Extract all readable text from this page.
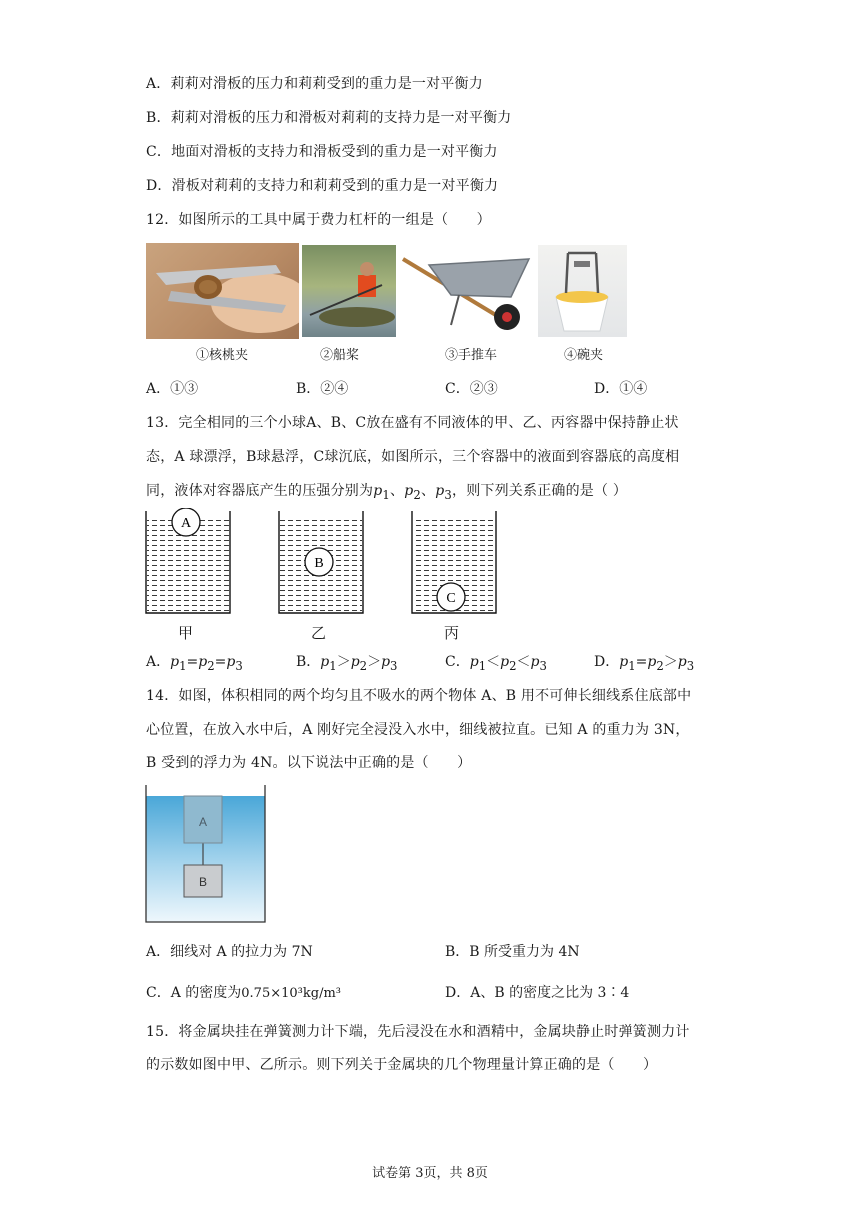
A．莉莉对滑板的压力和莉莉受到的重力是一对平衡力
B．莉莉对滑板的压力和滑板对莉莉的支持力是一对平衡力
C．地面对滑板的支持力和滑板受到的重力是一对平衡力
D．滑板对莉莉的支持力和莉莉受到的重力是一对平衡力
12．如图所示的工具中属于费力杠杆的一组是（　　）
①核桃夹	②船桨	③手推车	④碗夹
A．①③	B．②④	C．②③	D．①④
13．完全相同的三个小球A、B、C放在盛有不同液体的甲、乙、丙容器中保持静止状
态，A 球漂浮，B球悬浮，C球沉底，如图所示，三个容器中的液面到容器底的高度相
同，液体对容器底产生的压强分别为$p_1$、$p_2$、$p_3$，则下列关系正确的是（ ）
A
B
C
甲	乙	丙
A．$p_1=p_2=p_3$	B．$p_1>p_2>p_3$	C．$p_1<p_2<p_3$	D．$p_1=p_2>p_3$
14．如图，体积相同的两个均匀且不吸水的两个物体 A、B 用不可伸长细线系住底部中
心位置，在放入水中后，A 刚好完全浸没入水中，细线被拉直。已知 A 的重力为 3N，
B 受到的浮力为 4N。以下说法中正确的是（　　）
A
B
A．细线对 A 的拉力为 7N	B．B 所受重力为 4N
C．A 的密度为0.75×10³kg/m³	D．A、B 的密度之比为 3∶4
15．将金属块挂在弹簧测力计下端，先后浸没在水和酒精中，金属块静止时弹簧测力计
的示数如图中甲、乙所示。则下列关于金属块的几个物理量计算正确的是（　　）
试卷第 3页，共 8页
